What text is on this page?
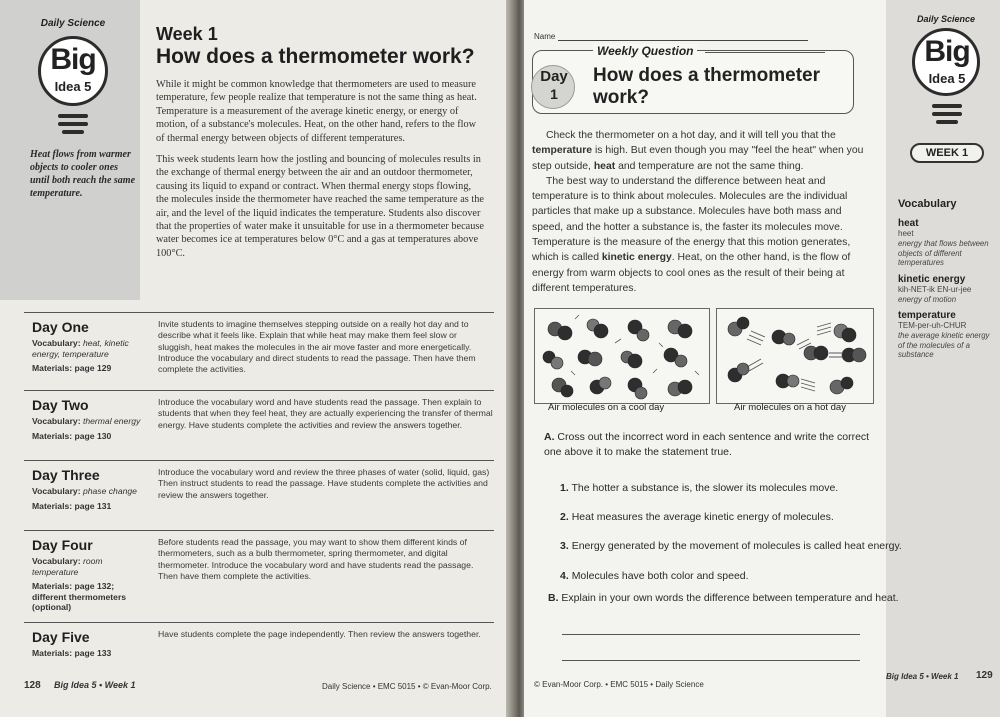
Daily Science
Big
Idea 5
Heat flows from warmer objects to cooler ones until both reach the same temperature.
Week 1
How does a thermometer work?

While it might be common knowledge that thermometers are used to measure temperature, few people realize that temperature is not the same thing as heat. Temperature is a measurement of the average kinetic energy, or energy of motion, of a substance's molecules. Heat, on the other hand, refers to the flow of thermal energy between objects of different temperatures.

This week students learn how the jostling and bouncing of molecules results in the exchange of thermal energy between the air and an outdoor thermometer, causing its liquid to expand or contract. When thermal energy stops flowing, the molecules inside the thermometer have reached the same temperature as the air, and the level of the liquid indicates the temperature. Students also discover that the properties of water make it unsuitable for use in a thermometer because water becomes ice at temperatures below 0°C and a gas at temperatures above 100°C.

Day One
Vocabulary: heat, kinetic energy, temperature
Materials: page 129
Invite students to imagine themselves stepping outside on a really hot day and to describe what it feels like. Explain that while heat may make them feel slow or sluggish, heat makes the molecules in the air move faster and more energetically. Introduce the vocabulary and direct students to read the passage. Then have them complete the activities.
Day Two
Vocabulary: thermal energy
Materials: page 130
Introduce the vocabulary word and have students read the passage. Then explain to students that when they feel heat, they are actually experiencing the transfer of thermal energy. Have students complete the activities and review the answers together.
Day Three
Vocabulary: phase change
Materials: page 131
Introduce the vocabulary word and review the three phases of water (solid, liquid, gas) Then instruct students to read the passage. Have students complete the activities and review the answers together.
Day Four
Vocabulary: room temperature
Materials: page 132; different thermometers (optional)
Before students read the passage, you may want to show them different kinds of thermometers, such as a bulb thermometer, spring thermometer, and digital thermometer. Introduce the vocabulary word and have students read the passage. Then have them complete the activities.
Day Five
Materials: page 133
Have students complete the page independently. Then review the answers together.
128 Big Idea 5 • Week 1	Daily Science • EMC 5015 • © Evan-Moor Corp.
Daily Science
Big
Idea 5
WEEK 1
Vocabulary
heat
heet
energy that flows between objects of different temperatures
kinetic energy
kih-NET-ik EN-ur-jee
energy of motion
temperature
TEM-per-uh-CHUR
the average kinetic energy of the molecules of a substance
Name
Weekly Question
Day
1
How does a thermometer work?

Check the thermometer on a hot day, and it will tell you that the temperature is high. But even though you may "feel the heat" when you step outside, heat and temperature are not the same thing.

The best way to understand the difference between heat and temperature is to think about molecules. Molecules are the individual particles that make up a substance. Molecules have both mass and speed, and the hotter a substance is, the faster its molecules move. Temperature is the measure of the energy that this motion generates, which is called kinetic energy. Heat, on the other hand, is the flow of energy from warm objects to cool ones as the result of their being at different temperatures.

Air molecules on a cool day	Air molecules on a hot day
A. Cross out the incorrect word in each sentence and write the correct one above it to make the statement true.
1. The hotter a substance is, the slower its molecules move.
2. Heat measures the average kinetic energy of molecules.
3. Energy generated by the movement of molecules is called heat energy.
4. Molecules have both color and speed.
B. Explain in your own words the difference between temperature and heat.
© Evan-Moor Corp. • EMC 5015 • Daily Science
Big Idea 5 • Week 1 129
